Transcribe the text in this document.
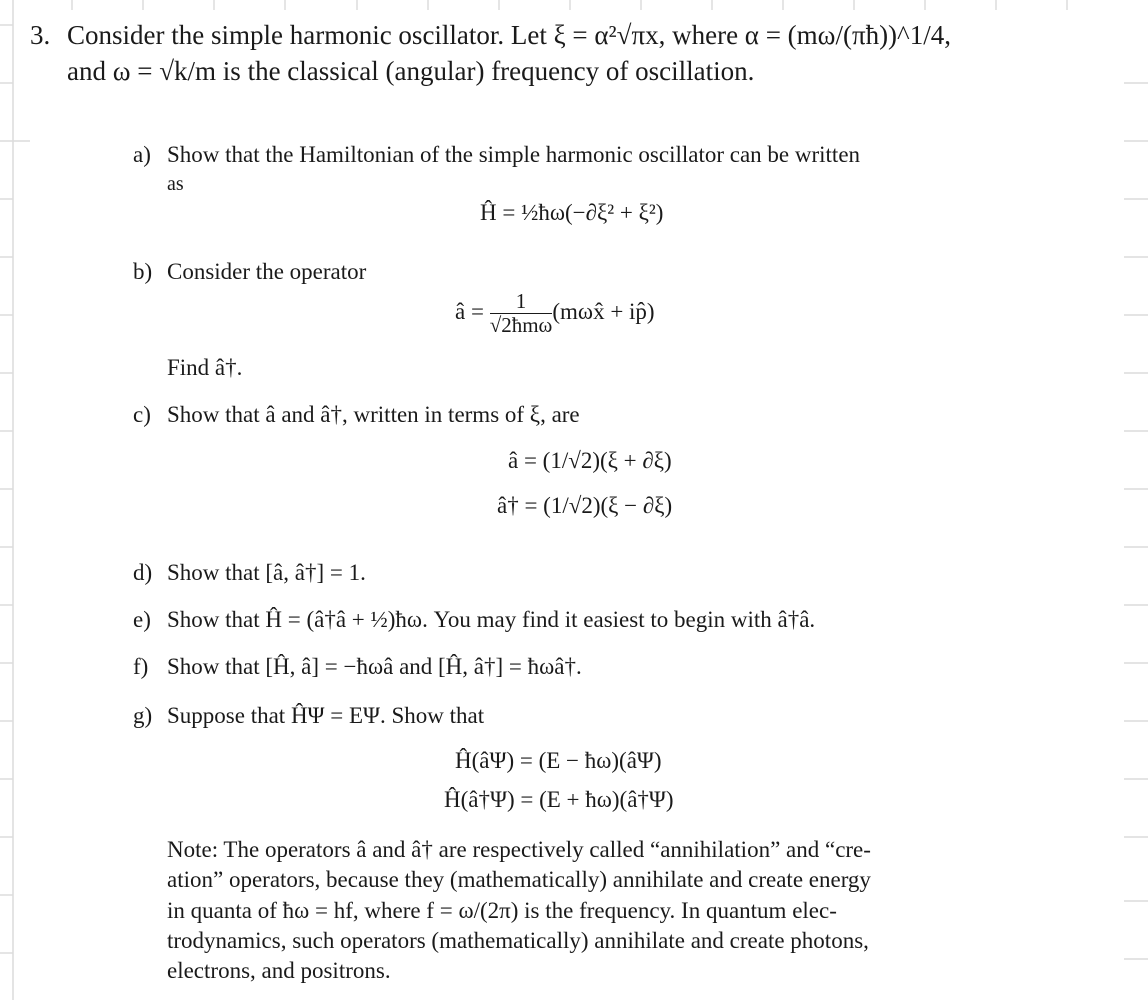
3. Consider the simple harmonic oscillator. Let ξ = α²√πx, where α = (mω/(πħ))^1/4,
and ω = √k/m is the classical (angular) frequency of oscillation.
a) Show that the Hamiltonian of the simple harmonic oscillator can be written
as
Ĥ = ½ħω(−∂ξ² + ξ²)
b) Consider the operator
â = $\frac{1}{\text{√2ħmω}}$ (mωx̂ + ip̂)
Find â†.
c) Show that â and â†, written in terms of ξ, are
â = (1/√2)(ξ + ∂ξ)
â† = (1/√2)(ξ − ∂ξ)
d) Show that [â, â†] = 1.
e) Show that Ĥ = (â†â + ½)ħω. You may find it easiest to begin with â†â.
f) Show that [Ĥ, â] = −ħωâ and [Ĥ, â†] = ħωâ†.
g) Suppose that ĤΨ = EΨ. Show that
Ĥ(âΨ) = (E − ħω)(âΨ)
Ĥ(â†Ψ) = (E + ħω)(â†Ψ)
Note: The operators â and â† are respectively called “annihilation” and “cre-
ation” operators, because they (mathematically) annihilate and create energy
in quanta of ħω = hf, where f = ω/(2π) is the frequency. In quantum elec-
trodynamics, such operators (mathematically) annihilate and create photons,
electrons, and positrons.
